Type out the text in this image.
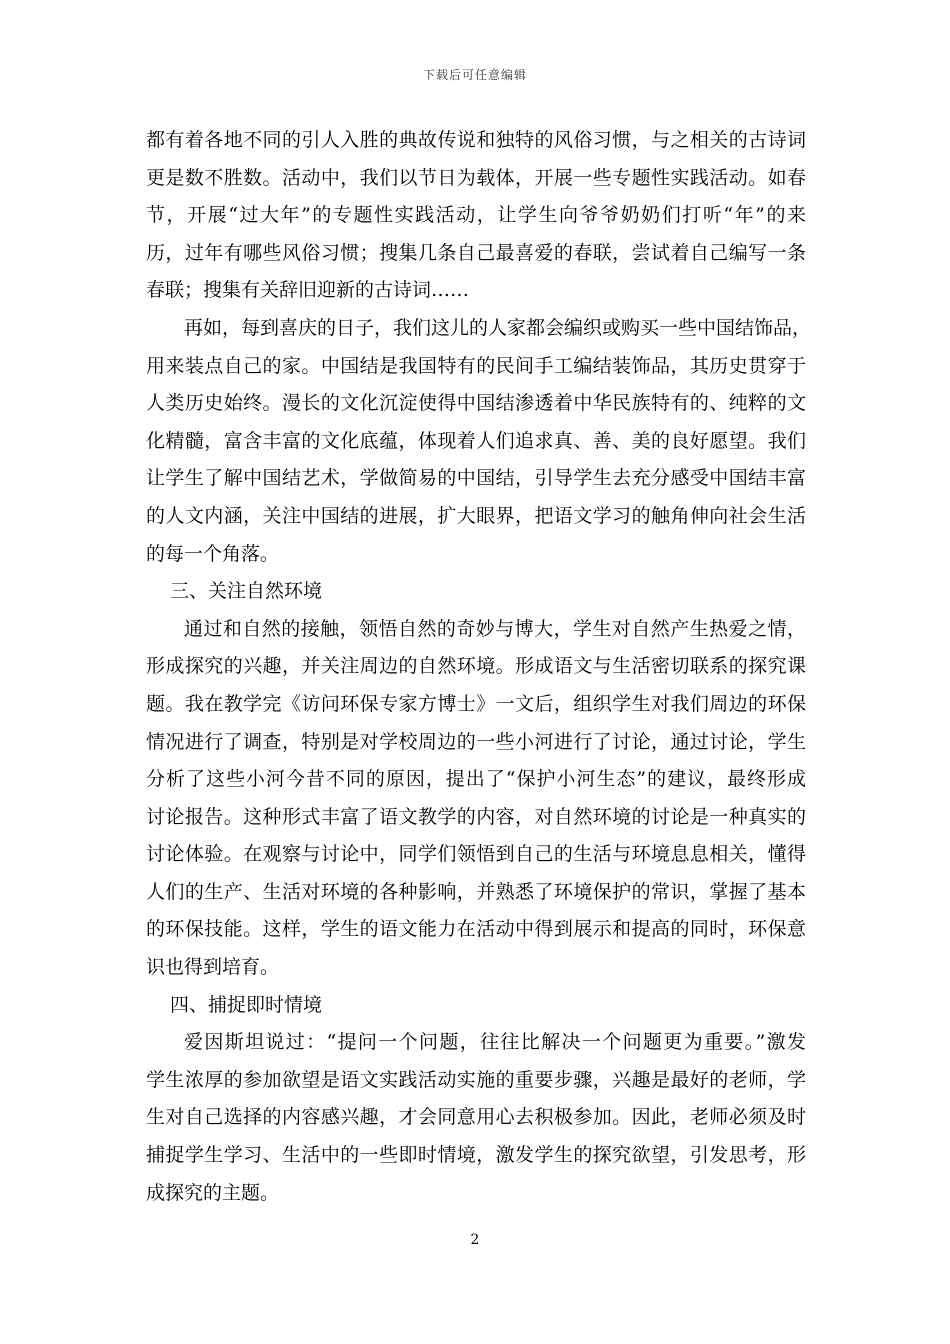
下载后可任意编辑
都有着各地不同的引人入胜的典故传说和独特的风俗习惯，与之相关的古诗词
更是数不胜数。活动中，我们以节日为载体，开展一些专题性实践活动。如春
节，开展“过大年”的专题性实践活动，让学生向爷爷奶奶们打听“年”的来
历，过年有哪些风俗习惯；搜集几条自己最喜爱的春联，尝试着自己编写一条
春联；搜集有关辞旧迎新的古诗词……
再如，每到喜庆的日子，我们这儿的人家都会编织或购买一些中国结饰品，
用来装点自己的家。中国结是我国特有的民间手工编结装饰品，其历史贯穿于
人类历史始终。漫长的文化沉淀使得中国结渗透着中华民族特有的、纯粹的文
化精髓，富含丰富的文化底蕴，体现着人们追求真、善、美的良好愿望。我们
让学生了解中国结艺术，学做简易的中国结，引导学生去充分感受中国结丰富
的人文内涵，关注中国结的进展，扩大眼界，把语文学习的触角伸向社会生活
的每一个角落。
三、关注自然环境
通过和自然的接触，领悟自然的奇妙与博大，学生对自然产生热爱之情，
形成探究的兴趣，并关注周边的自然环境。形成语文与生活密切联系的探究课
题。我在教学完《访问环保专家方博士》一文后，组织学生对我们周边的环保
情况进行了调查，特别是对学校周边的一些小河进行了讨论，通过讨论，学生
分析了这些小河今昔不同的原因，提出了“保护小河生态”的建议，最终形成
讨论报告。这种形式丰富了语文教学的内容，对自然环境的讨论是一种真实的
讨论体验。在观察与讨论中，同学们领悟到自己的生活与环境息息相关，懂得
人们的生产、生活对环境的各种影响，并熟悉了环境保护的常识，掌握了基本
的环保技能。这样，学生的语文能力在活动中得到展示和提高的同时，环保意
识也得到培育。
四、捕捉即时情境
爱因斯坦说过：“提问一个问题，往往比解决一个问题更为重要。”激发
学生浓厚的参加欲望是语文实践活动实施的重要步骤，兴趣是最好的老师，学
生对自己选择的内容感兴趣，才会同意用心去积极参加。因此，老师必须及时
捕捉学生学习、生活中的一些即时情境，激发学生的探究欲望，引发思考，形
成探究的主题。
2
